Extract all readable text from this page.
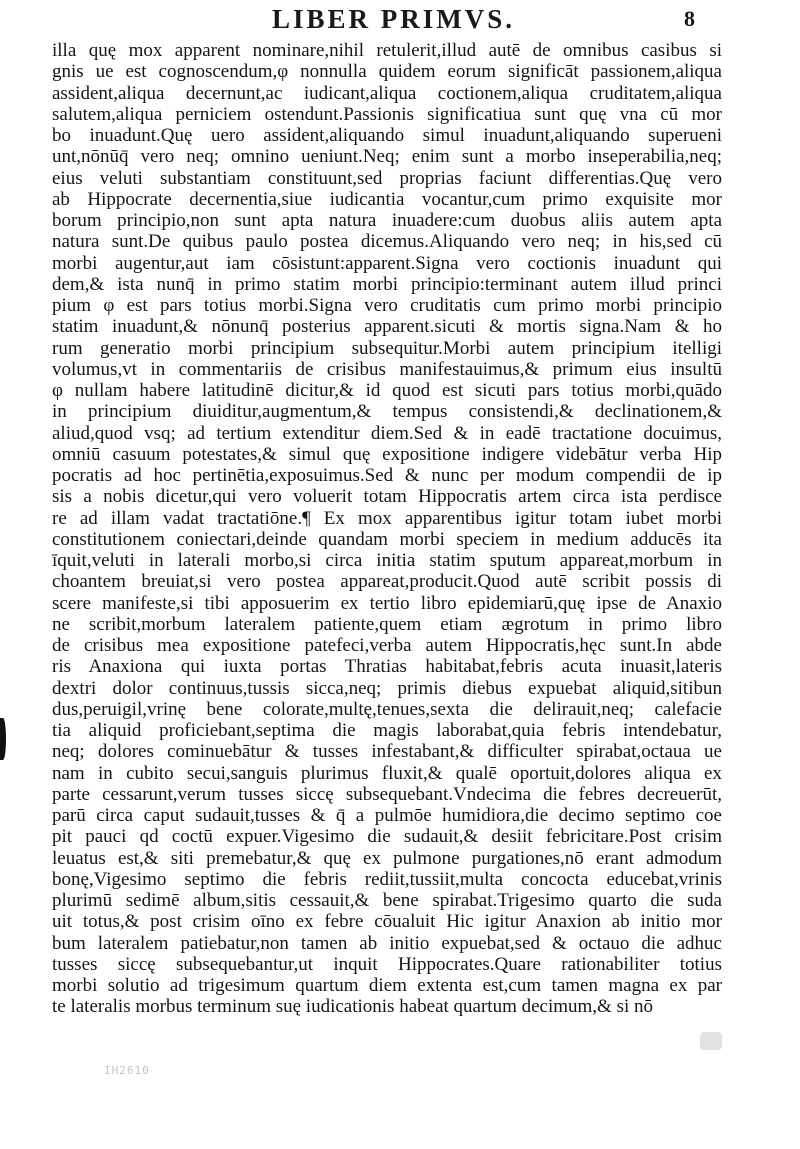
LIBER PRIMVS.	8
illa quę mox apparent nominare,nihil retulerit,illud autē de omnibus casibus si
gnis ue est cognoscendum,φ nonnulla quidem eorum significāt passionem,aliqua
assident,aliqua decernunt,ac iudicant,aliqua coctionem,aliqua cruditatem,aliqua
salutem,aliqua perniciem ostendunt.Passionis significatiua sunt quę vna cū mor
bo inuadunt.Quę uero assident,aliquando simul inuadunt,aliquando superueni
unt,nōnūq̄ vero neq; omnino ueniunt.Neq; enim sunt a morbo inseperabilia,neq;
eius veluti substantiam constituunt,sed proprias faciunt differentias.Quę vero
ab Hippocrate decernentia,siue iudicantia vocantur,cum primo exquisite mor
borum principio,non sunt apta natura inuadere:cum duobus aliis autem apta
natura sunt.De quibus paulo postea dicemus.Aliquando vero neq; in his,sed cū
morbi augentur,aut iam cōsistunt:apparent.Signa vero coctionis inuadunt qui
dem,& ista nunq̄ in primo statim morbi principio:terminant autem illud princi
pium φ est pars totius morbi.Signa vero cruditatis cum primo morbi principio
statim inuadunt,& nōnunq̄ posterius apparent.sicuti & mortis signa.Nam & ho
rum generatio morbi principium subsequitur.Morbi autem principium itelligi
volumus,vt in commentariis de crisibus manifestauimus,& primum eius insultū
φ nullam habere latitudinē dicitur,& id quod est sicuti pars totius morbi,quādo
in principium diuiditur,augmentum,& tempus consistendi,& declinationem,&
aliud,quod vsq; ad tertium extenditur diem.Sed & in eadē tractatione docuimus,
omniū casuum potestates,& simul quę expositione indigere videbātur verba Hip
pocratis ad hoc pertinētia,exposuimus.Sed & nunc per modum compendii de ip
sis a nobis dicetur,qui vero voluerit totam Hippocratis artem circa ista perdisce
re ad illam vadat tractatiōne.¶ Ex mox apparentibus igitur totam iubet morbi
constitutionem coniectari,deinde quandam morbi speciem in medium adducēs ita
īquit,veluti in laterali morbo,si circa initia statim sputum appareat,morbum in
choantem breuiat,si vero postea appareat,producit.Quod autē scribit possis di
scere manifeste,si tibi apposuerim ex tertio libro epidemiarū,quę ipse de Anaxio
ne scribit,morbum lateralem patiente,quem etiam ægrotum in primo libro
de crisibus mea expositione patefeci,verba autem Hippocratis,hęc sunt.In abde
ris Anaxiona qui iuxta portas Thratias habitabat,febris acuta inuasit,lateris
dextri dolor continuus,tussis sicca,neq; primis diebus expuebat aliquid,sitibun
dus,peruigil,vrinę bene colorate,multę,tenues,sexta die delirauit,neq; calefacie
tia aliquid proficiebant,septima die magis laborabat,quia febris intendebatur,
neq; dolores cominuebātur & tusses infestabant,& difficulter spirabat,octaua ue
nam in cubito secui,sanguis plurimus fluxit,& qualē oportuit,dolores aliqua ex
parte cessarunt,verum tusses siccę subsequebant.Vndecima die febres decreuerūt,
parū circa caput sudauit,tusses & q̄ a pulmōe humidiora,die decimo septimo coe
pit pauci qd coctū expuer.Vigesimo die sudauit,& desiit febricitare.Post crisim
leuatus est,& siti premebatur,& quę ex pulmone purgationes,nō erant admodum
bonę,Vigesimo septimo die febris rediit,tussiit,multa concocta educebat,vrinis
plurimū sedimē album,sitis cessauit,& bene spirabat.Trigesimo quarto die suda
uit totus,& post crisim oīno ex febre cōualuit Hic igitur Anaxion ab initio mor
bum lateralem patiebatur,non tamen ab initio expuebat,sed & octauo die adhuc
tusses siccę subsequebantur,ut inquit Hippocrates.Quare rationabiliter totius
morbi solutio ad trigesimum quartum diem extenta est,cum tamen magna ex par
te lateralis morbus terminum suę iudicationis habeat quartum decimum,& si nō
IH2610
